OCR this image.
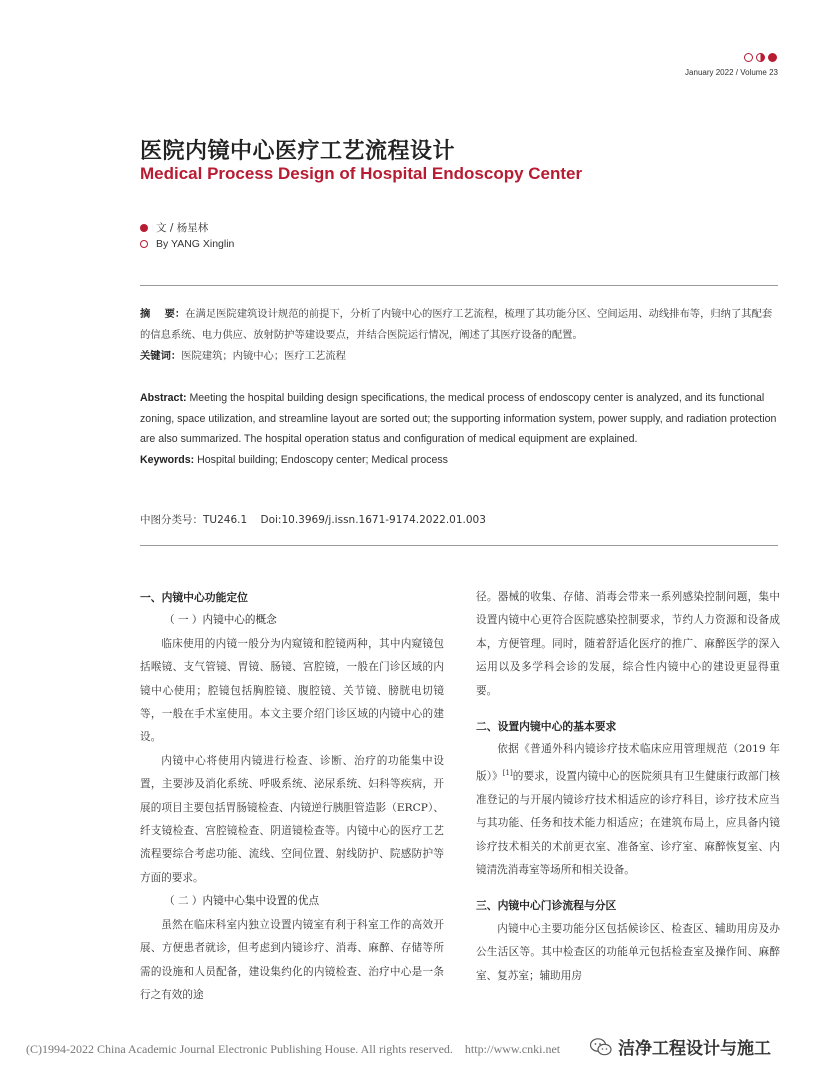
January 2022 / Volume 23
医院内镜中心医疗工艺流程设计
Medical Process Design of Hospital Endoscopy Center
文 / 杨星林
By YANG Xinglin
摘    要：在满足医院建筑设计规范的前提下，分析了内镜中心的医疗工艺流程，梳理了其功能分区、空间运用、动线排布等，归纳了其配套的信息系统、电力供应、放射防护等建设要点，并结合医院运行情况，阐述了其医疗设备的配置。
关键词：医院建筑；内镜中心；医疗工艺流程
Abstract: Meeting the hospital building design specifications, the medical process of endoscopy center is analyzed, and its functional zoning, space utilization, and streamline layout are sorted out; the supporting information system, power supply, and radiation protection are also summarized. The hospital operation status and configuration of medical equipment are explained.
Keywords: Hospital building; Endoscopy center; Medical process
中图分类号：TU246.1    Doi:10.3969/j.issn.1671-9174.2022.01.003
一、内镜中心功能定位
（ 一 ）内镜中心的概念
临床使用的内镜一般分为内窥镜和腔镜两种，其中内窥镜包括喉镜、支气管镜、胃镜、肠镜、宫腔镜，一般在门诊区域的内镜中心使用；腔镜包括胸腔镜、腹腔镜、关节镜、膀胱电切镜等，一般在手术室使用。本文主要介绍门诊区域的内镜中心的建设。
内镜中心将使用内镜进行检查、诊断、治疗的功能集中设置，主要涉及消化系统、呼吸系统、泌尿系统、妇科等疾病，开展的项目主要包括胃肠镜检查、内镜逆行胰胆管造影（ERCP）、纤支镜检查、宫腔镜检查、阴道镜检查等。内镜中心的医疗工艺流程要综合考虑功能、流线、空间位置、射线防护、院感防护等方面的要求。
（ 二 ）内镜中心集中设置的优点
虽然在临床科室内独立设置内镜室有利于科室工作的高效开展、方便患者就诊，但考虑到内镜诊疗、消毒、麻醉、存储等所需的设施和人员配备，建设集约化的内镜检查、治疗中心是一条行之有效的途
径。器械的收集、存储、消毒会带来一系列感染控制问题，集中设置内镜中心更符合医院感染控制要求，节约人力资源和设备成本，方便管理。同时，随着舒适化医疗的推广、麻醉医学的深入运用以及多学科会诊的发展，综合性内镜中心的建设更显得重要。
二、设置内镜中心的基本要求
依据《普通外科内镜诊疗技术临床应用管理规范（2019 年版）》[1]的要求，设置内镜中心的医院须具有卫生健康行政部门核准登记的与开展内镜诊疗技术相适应的诊疗科目，诊疗技术应当与其功能、任务和技术能力相适应；在建筑布局上，应具备内镜诊疗技术相关的术前更衣室、准备室、诊疗室、麻醉恢复室、内镜清洗消毒室等场所和相关设备。
三、内镜中心门诊流程与分区
内镜中心主要功能分区包括候诊区、检查区、辅助用房及办公生活区等。其中检查区的功能单元包括检查室及操作间、麻醉室、复苏室；辅助用房
(C)1994-2022 China Academic Journal Electronic Publishing House. All rights reserved.    http://www.cnki.net	洁净工程设计与施工
